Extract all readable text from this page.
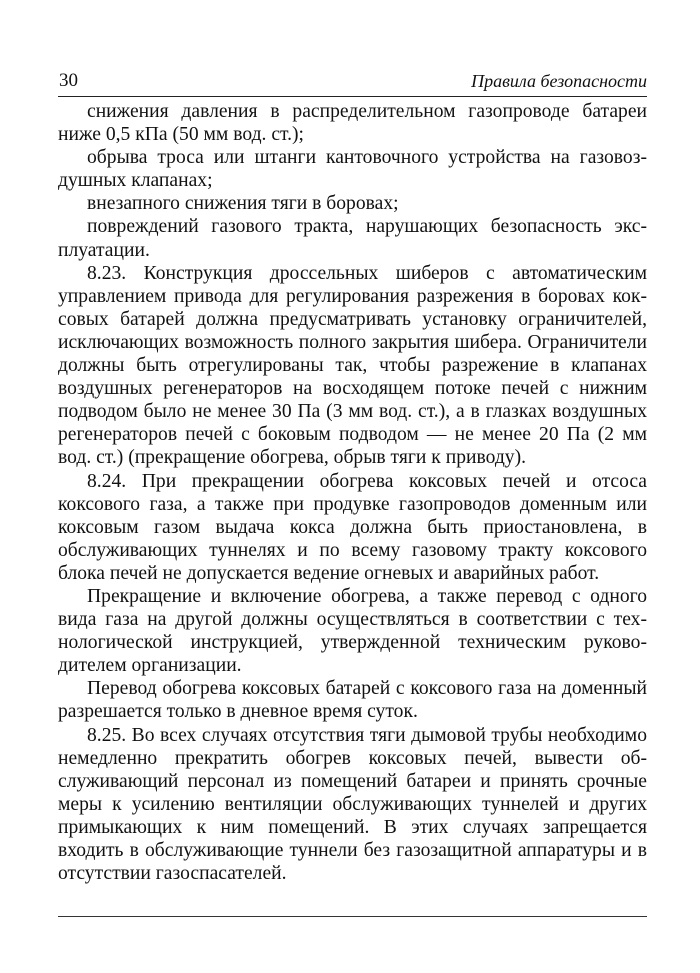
30	Правила безопасности

снижения давления в распределительном газопроводе батареи ниже 0,5 кПа (50 мм вод. ст.);

обрыва троса или штанги кантовочного устройства на газовоздушных клапанах;

внезапного снижения тяги в боровах;

повреждений газового тракта, нарушающих безопасность эксплуатации.

8.23. Конструкция дроссельных шиберов с автоматическим управлением привода для регулирования разрежения в боровах коксовых батарей должна предусматривать установку ограничителей, исключающих возможность полного закрытия шибера. Ограничители должны быть отрегулированы так, чтобы разрежение в клапанах воздушных регенераторов на восходящем потоке печей с нижним подводом было не менее 30 Па (3 мм вод. ст.), а в глазках воздушных регенераторов печей с боковым подводом — не менее 20 Па (2 мм вод. ст.) (прекращение обогрева, обрыв тяги к приводу).

8.24. При прекращении обогрева коксовых печей и отсоса коксового газа, а также при продувке газопроводов доменным или коксовым газом выдача кокса должна быть приостановлена, в обслуживающих туннелях и по всему газовому тракту коксового блока печей не допускается ведение огневых и аварийных работ.

Прекращение и включение обогрева, а также перевод с одного вида газа на другой должны осуществляться в соответствии с технологической инструкцией, утвержденной техническим руководителем организации.

Перевод обогрева коксовых батарей с коксового газа на доменный разрешается только в дневное время суток.

8.25. Во всех случаях отсутствия тяги дымовой трубы необходимо немедленно прекратить обогрев коксовых печей, вывести обслуживающий персонал из помещений батареи и принять срочные меры к усилению вентиляции обслуживающих туннелей и других примыкающих к ним помещений. В этих случаях запрещается входить в обслуживающие туннели без газозащитной аппаратуры и в отсутствии газоспасателей.
